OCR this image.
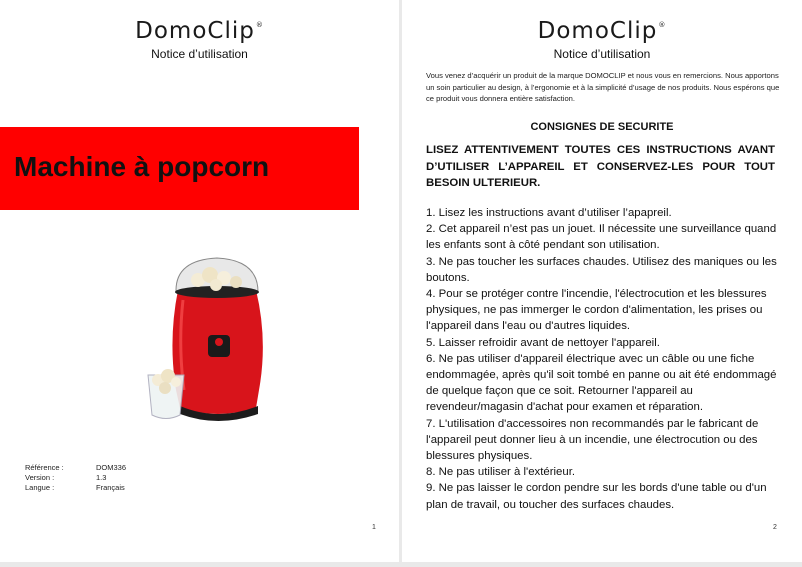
DomoClip®
Notice d’utilisation
Machine à popcorn
Référence :	DOM336
Version :	1.3
Langue :	Français
1
DomoClip®
Notice d’utilisation
Vous venez d’acquérir un produit de la marque DOMOCLIP et nous vous en remercions. Nous apportons un soin particulier au design, à l’ergonomie et à la simplicité d’usage de nos produits. Nous espérons que ce produit vous donnera entière satisfaction.
CONSIGNES DE SECURITE
LISEZ ATTENTIVEMENT TOUTES CES INSTRUCTIONS AVANT D’UTILISER L’APPAREIL ET CONSERVEZ-LES POUR TOUT BESOIN ULTERIEUR.

1. Lisez les instructions avant d’utiliser l’apapreil.

2. Cet appareil n’est pas un jouet. Il nécessite une surveillance quand les enfants sont à côté pendant son utilisation.

3. Ne pas toucher les surfaces chaudes. Utilisez des maniques ou les boutons.

4. Pour se protéger contre l'incendie, l'électrocution et les blessures physiques, ne pas immerger le cordon d'alimentation, les prises ou l'appareil dans l'eau ou d'autres liquides.

5. Laisser refroidir avant de nettoyer l'appareil.

6. Ne pas utiliser d'appareil électrique avec un câble ou une fiche endommagée, après qu'il soit tombé en panne ou ait été endommagé de quelque façon que ce soit. Retourner l'appareil au revendeur/magasin d'achat pour examen et réparation.

7. L'utilisation d'accessoires non recommandés par le fabricant de l'appareil peut donner lieu à un incendie, une électrocution ou des blessures physiques.

8. Ne pas utiliser à l'extérieur.

9. Ne pas laisser le cordon pendre sur les bords d'une table ou d'un plan de travail, ou toucher des surfaces chaudes.

2
